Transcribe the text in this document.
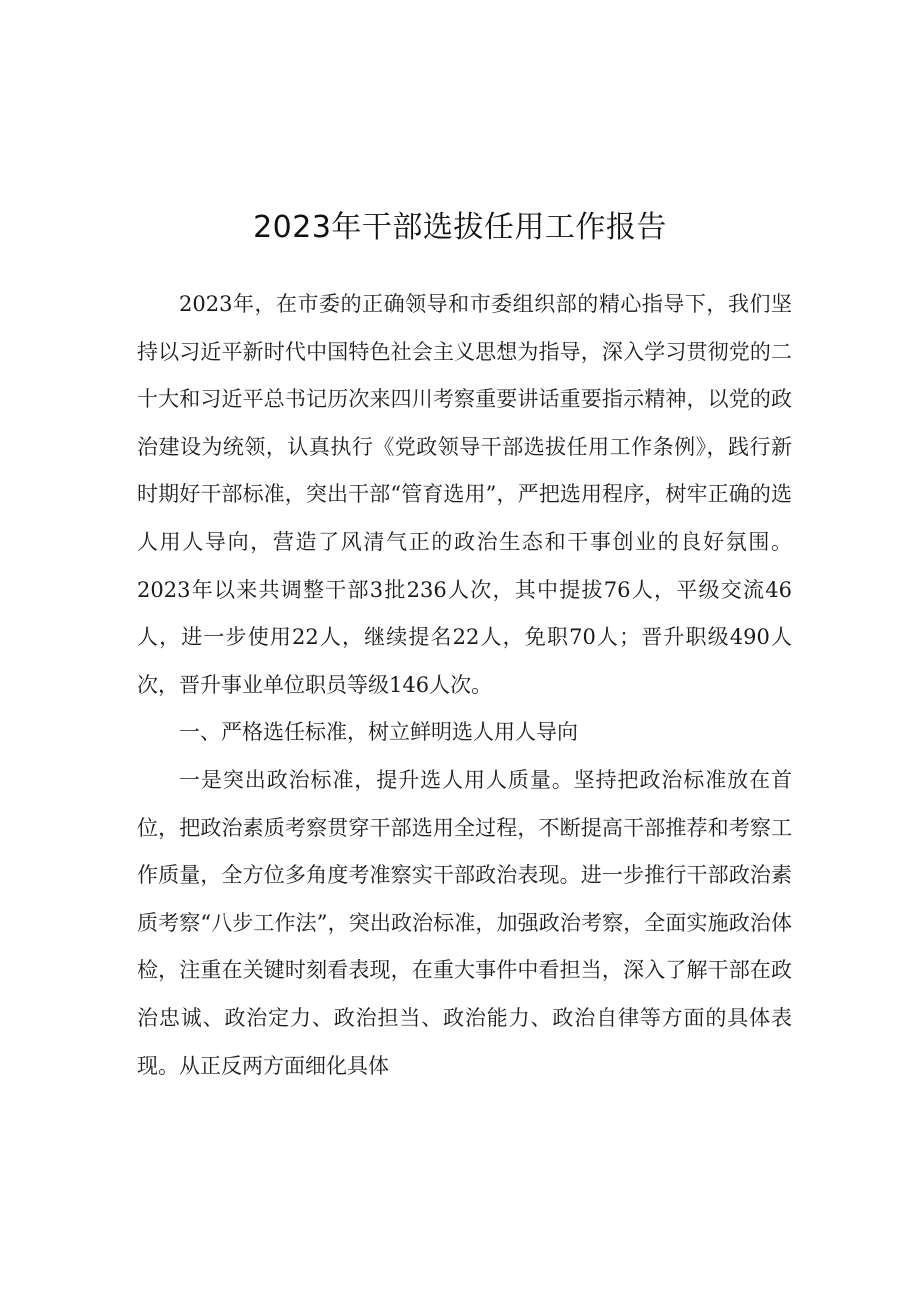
2023年干部选拔任用工作报告

2023年，在市委的正确领导和市委组织部的精心指导下，我们坚持以习近平新时代中国特色社会主义思想为指导，深入学习贯彻党的二十大和习近平总书记历次来四川考察重要讲话重要指示精神，以党的政治建设为统领，认真执行《党政领导干部选拔任用工作条例》，践行新时期好干部标准，突出干部“管育选用”，严把选用程序，树牢正确的选人用人导向，营造了风清气正的政治生态和干事创业的良好氛围。2023年以来共调整干部3批236人次，其中提拔76人，平级交流46人，进一步使用22人，继续提名22人，免职70人；晋升职级490人次，晋升事业单位职员等级146人次。

一、严格选任标准，树立鲜明选人用人导向

一是突出政治标准，提升选人用人质量。坚持把政治标准放在首位，把政治素质考察贯穿干部选用全过程，不断提高干部推荐和考察工作质量，全方位多角度考准察实干部政治表现。进一步推行干部政治素质考察“八步工作法”，突出政治标准，加强政治考察，全面实施政治体检，注重在关键时刻看表现，在重大事件中看担当，深入了解干部在政治忠诚、政治定力、政治担当、政治能力、政治自律等方面的具体表现。从正反两方面细化具体
